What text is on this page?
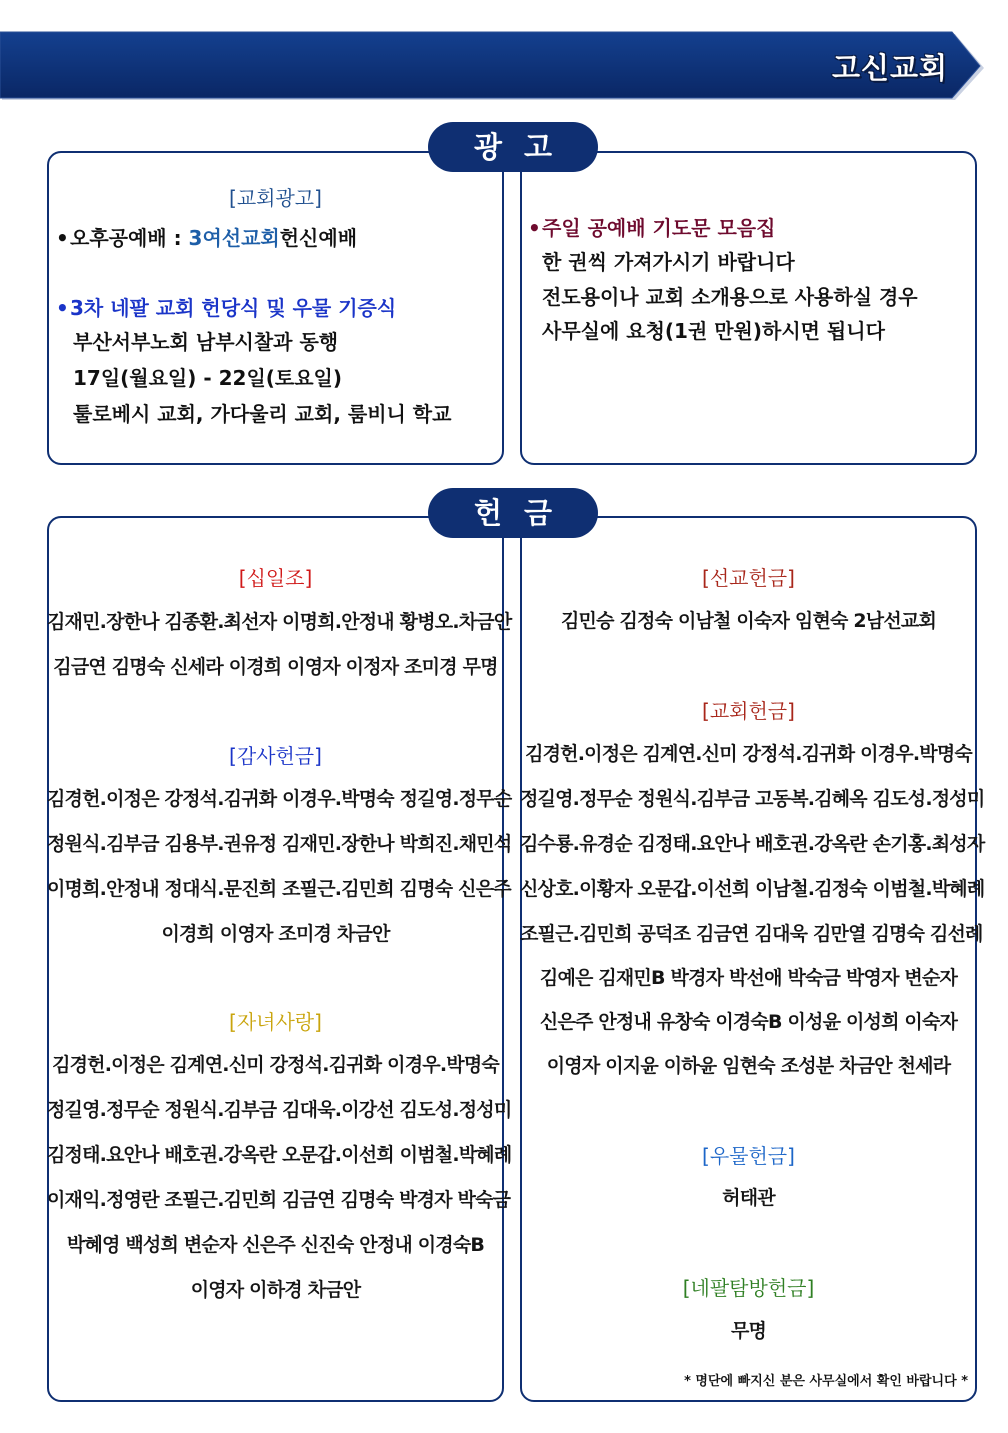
고신교회
광고
[교회광고]
•오후공예배 : 3여선교회헌신예배
•3차 네팔 교회 헌당식 및 우물 기증식
부산서부노회 남부시찰과 동행
17일(월요일) - 22일(토요일)
툴로베시 교회, 가다울리 교회, 룸비니 학교
•주일 공예배 기도문 모음집
한 권씩 가져가시기 바랍니다
전도용이나 교회 소개용으로 사용하실 경우
사무실에 요청(1권 만원)하시면 됩니다
헌금
[십일조]
김재민.장한나 김종환.최선자 이명희.안정내 황병오.차금안
김금연 김명숙 신세라 이경희 이영자 이정자 조미경 무명
[감사헌금]
김경헌.이정은 강정석.김귀화 이경우.박명숙 정길영.정무순
정원식.김부금 김용부.권유정 김재민.장한나 박희진.채민석
이명희.안정내 정대식.문진희 조필근.김민희 김명숙 신은주
이경희 이영자 조미경 차금안
[자녀사랑]
김경헌.이정은 김계연.신미 강정석.김귀화 이경우.박명숙
정길영.정무순 정원식.김부금 김대욱.이강선 김도성.정성미
김정태.요안나 배호권.강옥란 오문갑.이선희 이범철.박혜례
이재익.정영란 조필근.김민희 김금연 김명숙 박경자 박숙금
박혜영 백성희 변순자 신은주 신진숙 안정내 이경숙B
이영자 이하경 차금안
[선교헌금]
김민승 김정숙 이남철 이숙자 임현숙 2남선교회
[교회헌금]
김경헌.이정은 김계연.신미 강정석.김귀화 이경우.박명숙
정길영.정무순 정원식.김부금 고동복.김혜옥 김도성.정성미
김수룡.유경순 김정태.요안나 배호권.강옥란 손기홍.최성자
신상호.이황자 오문갑.이선희 이남철.김정숙 이범철.박혜례
조필근.김민희 공덕조 김금연 김대욱 김만열 김명숙 김선례
김예은 김재민B 박경자 박선애 박숙금 박영자 변순자
신은주 안정내 유창숙 이경숙B 이성윤 이성희 이숙자
이영자 이지윤 이하윤 임현숙 조성분 차금안 천세라
[우물헌금]
허태관
[네팔탐방헌금]
무명
* 명단에 빠지신 분은 사무실에서 확인 바랍니다 *
